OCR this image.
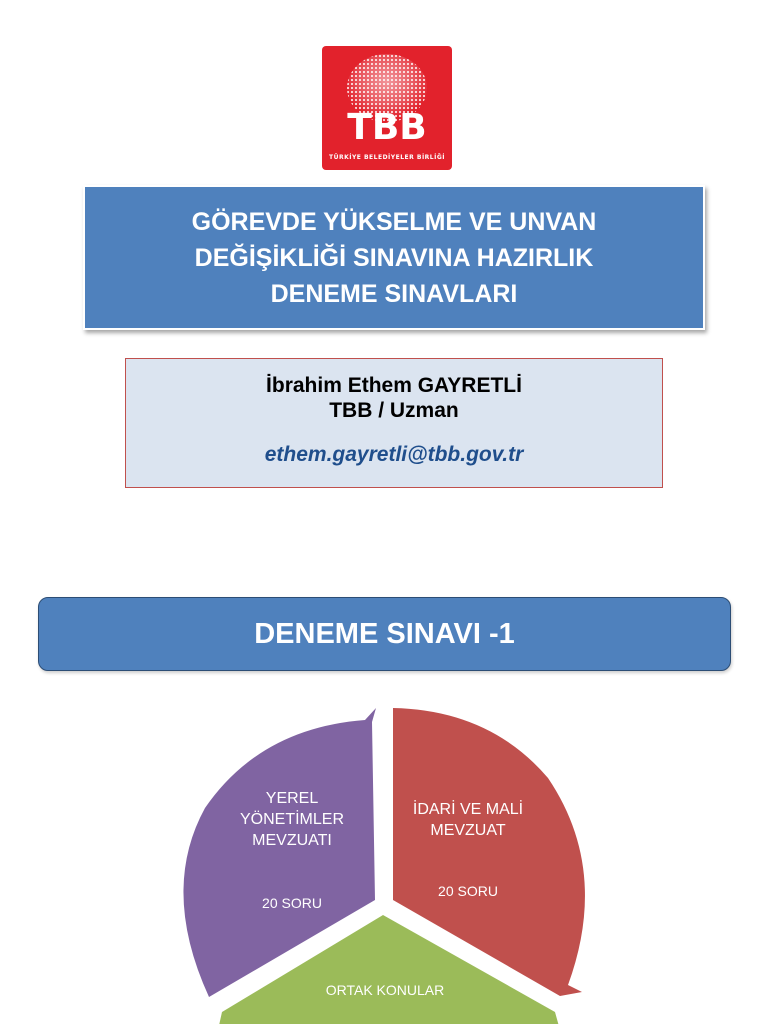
TBB
TÜRKİYE BELEDİYELER BİRLİĞİ
GÖREVDE YÜKSELME VE UNVAN
DEĞİŞİKLİĞİ SINAVINA HAZIRLIK
DENEME SINAVLARI
İbrahim Ethem GAYRETLİ
TBB / Uzman
ethem.gayretli@tbb.gov.tr
DENEME SINAVI -1
YEREL
YÖNETİMLER
MEVZUATI
20 SORU
İDARİ VE MALİ
MEVZUAT
20 SORU
ORTAK KONULAR
